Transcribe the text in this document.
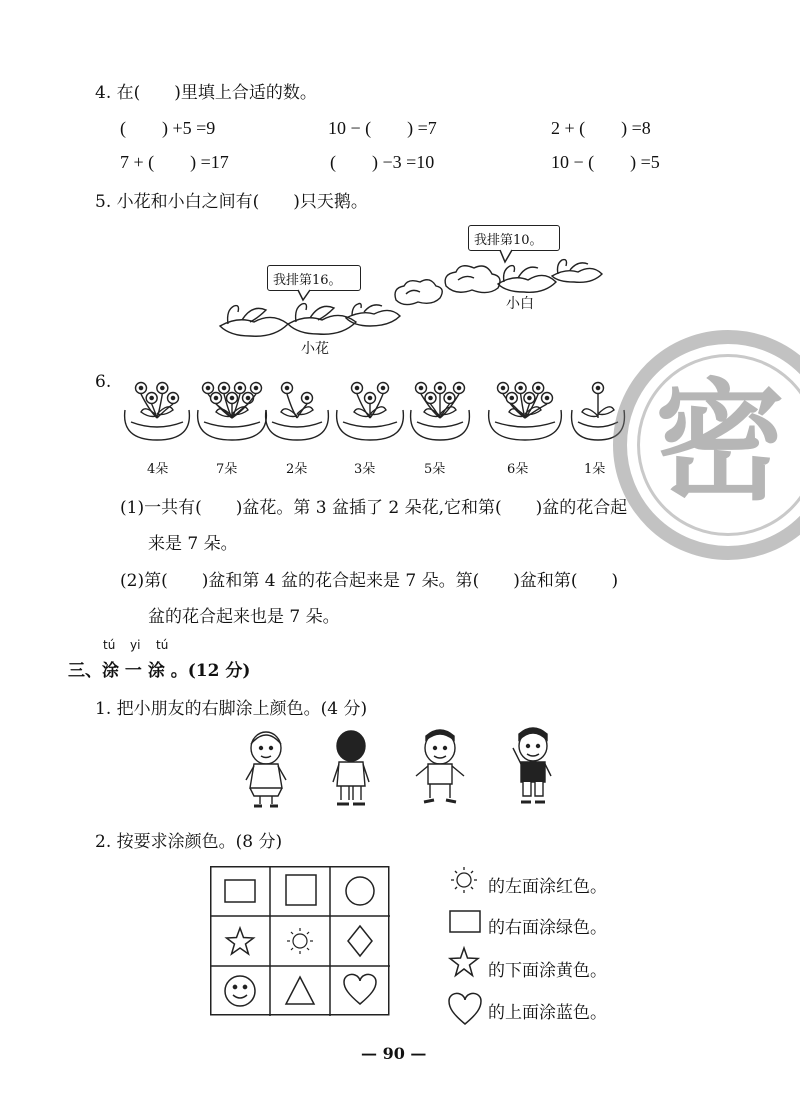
4. 在(　　)里填上合适的数。
(　　) +5 =9	10 − (　　) =7	2 + (　　) =8
7 + (　　) =17	(　　) −3 =10	10 − (　　) =5
5. 小花和小白之间有(　　)只天鹅。
我排第16。
我排第10。
小花
小白
6.
4朵	7朵	2朵	3朵	5朵	6朵	1朵
(1)一共有(　　)盆花。第 3 盆插了 2 朵花,它和第(　　)盆的花合起
来是 7 朵。
(2)第(　　)盆和第 4 盆的花合起来是 7 朵。第(　　)盆和第(　　)
盆的花合起来也是 7 朵。
tú yi tú
三、涂 一 涂 。(12 分)
1. 把小朋友的右脚涂上颜色。(4 分)
2. 按要求涂颜色。(8 分)
的左面涂红色。
的右面涂绿色。
的下面涂黄色。
的上面涂蓝色。
— 90 —
密
